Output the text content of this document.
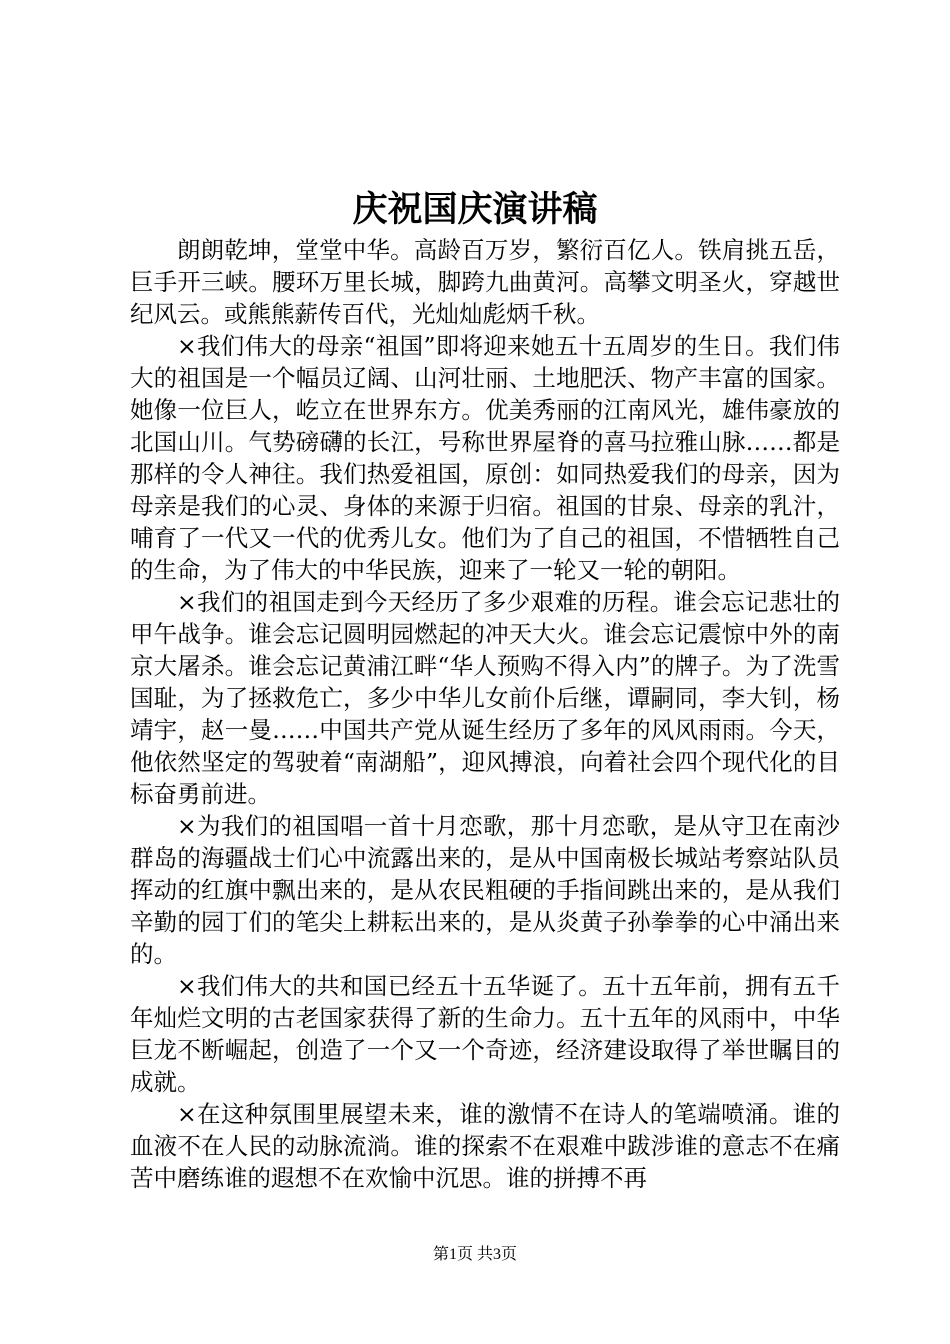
庆祝国庆演讲稿

朗朗乾坤，堂堂中华。高龄百万岁，繁衍百亿人。铁肩挑五岳，巨手开三峡。腰环万里长城，脚跨九曲黄河。高攀文明圣火，穿越世纪风云。或熊熊薪传百代，光灿灿彪炳千秋。

×我们伟大的母亲“祖国”即将迎来她五十五周岁的生日。我们伟大的祖国是一个幅员辽阔、山河壮丽、土地肥沃、物产丰富的国家。她像一位巨人，屹立在世界东方。优美秀丽的江南风光，雄伟豪放的北国山川。气势磅礴的长江，号称世界屋脊的喜马拉雅山脉……都是那样的令人神往。我们热爱祖国，原创：如同热爱我们的母亲，因为母亲是我们的心灵、身体的来源于归宿。祖国的甘泉、母亲的乳汁，哺育了一代又一代的优秀儿女。他们为了自己的祖国，不惜牺牲自己的生命，为了伟大的中华民族，迎来了一轮又一轮的朝阳。

×我们的祖国走到今天经历了多少艰难的历程。谁会忘记悲壮的甲午战争。谁会忘记圆明园燃起的冲天大火。谁会忘记震惊中外的南京大屠杀。谁会忘记黄浦江畔“华人预购不得入内”的牌子。为了洗雪国耻，为了拯救危亡，多少中华儿女前仆后继，谭嗣同，李大钊，杨靖宇，赵一曼……中国共产党从诞生经历了多年的风风雨雨。今天，他依然坚定的驾驶着“南湖船”，迎风搏浪，向着社会四个现代化的目标奋勇前进。

×为我们的祖国唱一首十月恋歌，那十月恋歌，是从守卫在南沙群岛的海疆战士们心中流露出来的，是从中国南极长城站考察站队员挥动的红旗中飘出来的，是从农民粗硬的手指间跳出来的，是从我们辛勤的园丁们的笔尖上耕耘出来的，是从炎黄子孙拳拳的心中涌出来的。

×我们伟大的共和国已经五十五华诞了。五十五年前，拥有五千年灿烂文明的古老国家获得了新的生命力。五十五年的风雨中，中华巨龙不断崛起，创造了一个又一个奇迹，经济建设取得了举世瞩目的成就。

×在这种氛围里展望未来，谁的激情不在诗人的笔端喷涌。谁的血液不在人民的动脉流淌。谁的探索不在艰难中跋涉谁的意志不在痛苦中磨练谁的遐想不在欢愉中沉思。谁的拼搏不再

第1页 共3页
